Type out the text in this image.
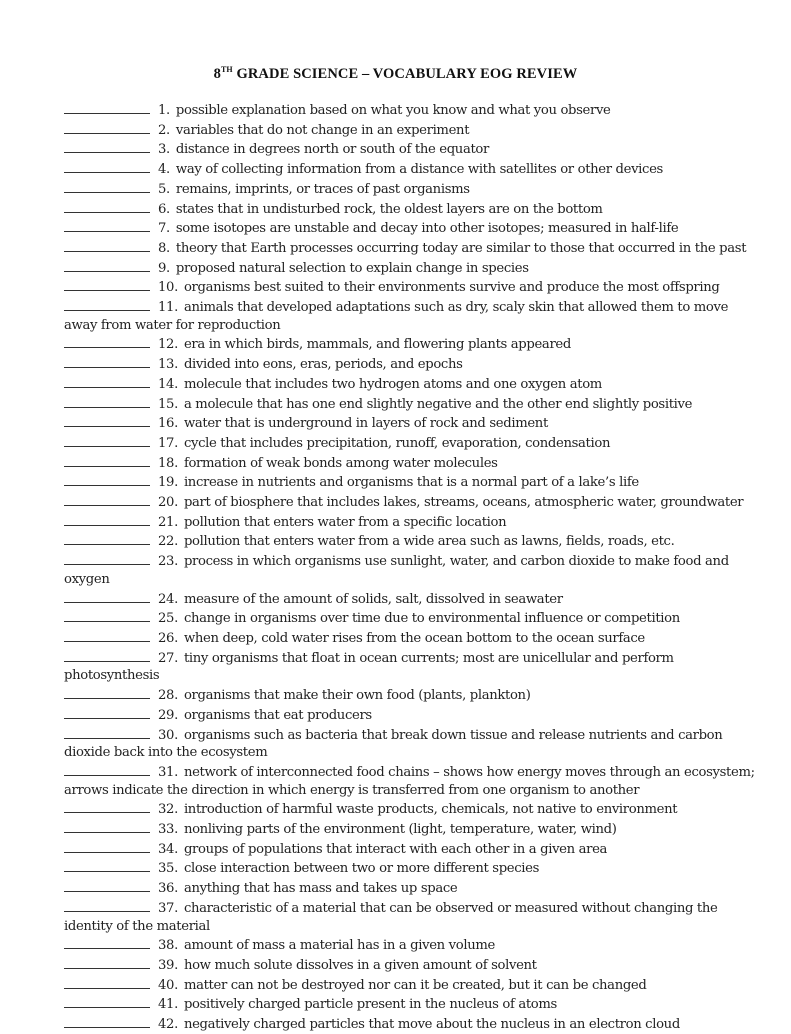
8TH GRADE SCIENCE – VOCABULARY EOG REVIEW

1. possible explanation based on what you know and what you observe

2. variables that do not change in an experiment

3. distance in degrees north or south of the equator

4. way of collecting information from a distance with satellites or other devices

5. remains, imprints, or traces of past organisms

6. states that in undisturbed rock, the oldest layers are on the bottom

7. some isotopes are unstable and decay into other isotopes; measured in half-life

8. theory that Earth processes occurring today are similar to those that occurred in the past

9. proposed natural selection to explain change in species

10. organisms best suited to their environments survive and produce the most offspring

11. animals that developed adaptations such as dry, scaly skin that allowed them to move away from water for reproduction

12. era in which birds, mammals, and flowering plants appeared

13. divided into eons, eras, periods, and epochs

14. molecule that includes two hydrogen atoms and one oxygen atom

15. a molecule that has one end slightly negative and the other end slightly positive

16. water that is underground in layers of rock and sediment

17. cycle that includes precipitation, runoff, evaporation, condensation

18. formation of weak bonds among water molecules

19. increase in nutrients and organisms that is a normal part of a lake’s life

20. part of biosphere that includes lakes, streams, oceans, atmospheric water, groundwater

21. pollution that enters water from a specific location

22. pollution that enters water from a wide area such as lawns, fields, roads, etc.

23. process in which organisms use sunlight, water, and carbon dioxide to make food and oxygen

24. measure of the amount of solids, salt, dissolved in seawater

25. change in organisms over time due to environmental influence or competition

26. when deep, cold water rises from the ocean bottom to the ocean surface

27. tiny organisms that float in ocean currents; most are unicellular and perform photosynthesis

28. organisms that make their own food (plants, plankton)

29. organisms that eat producers

30. organisms such as bacteria that break down tissue and release nutrients and carbon dioxide back into the ecosystem

31. network of interconnected food chains – shows how energy moves through an ecosystem; arrows indicate the direction in which energy is transferred from one organism to another

32. introduction of harmful waste products, chemicals, not native to environment

33. nonliving parts of the environment (light, temperature, water, wind)

34. groups of populations that interact with each other in a given area

35. close interaction between two or more different species

36. anything that has mass and takes up space

37. characteristic of a material that can be observed or measured without changing the identity of the material

38. amount of mass a material has in a given volume

39. how much solute dissolves in a given amount of solvent

40. matter can not be destroyed nor can it be created, but it can be changed

41. positively charged particle present in the nucleus of atoms

42. negatively charged particles that move about the nucleus in an electron cloud
